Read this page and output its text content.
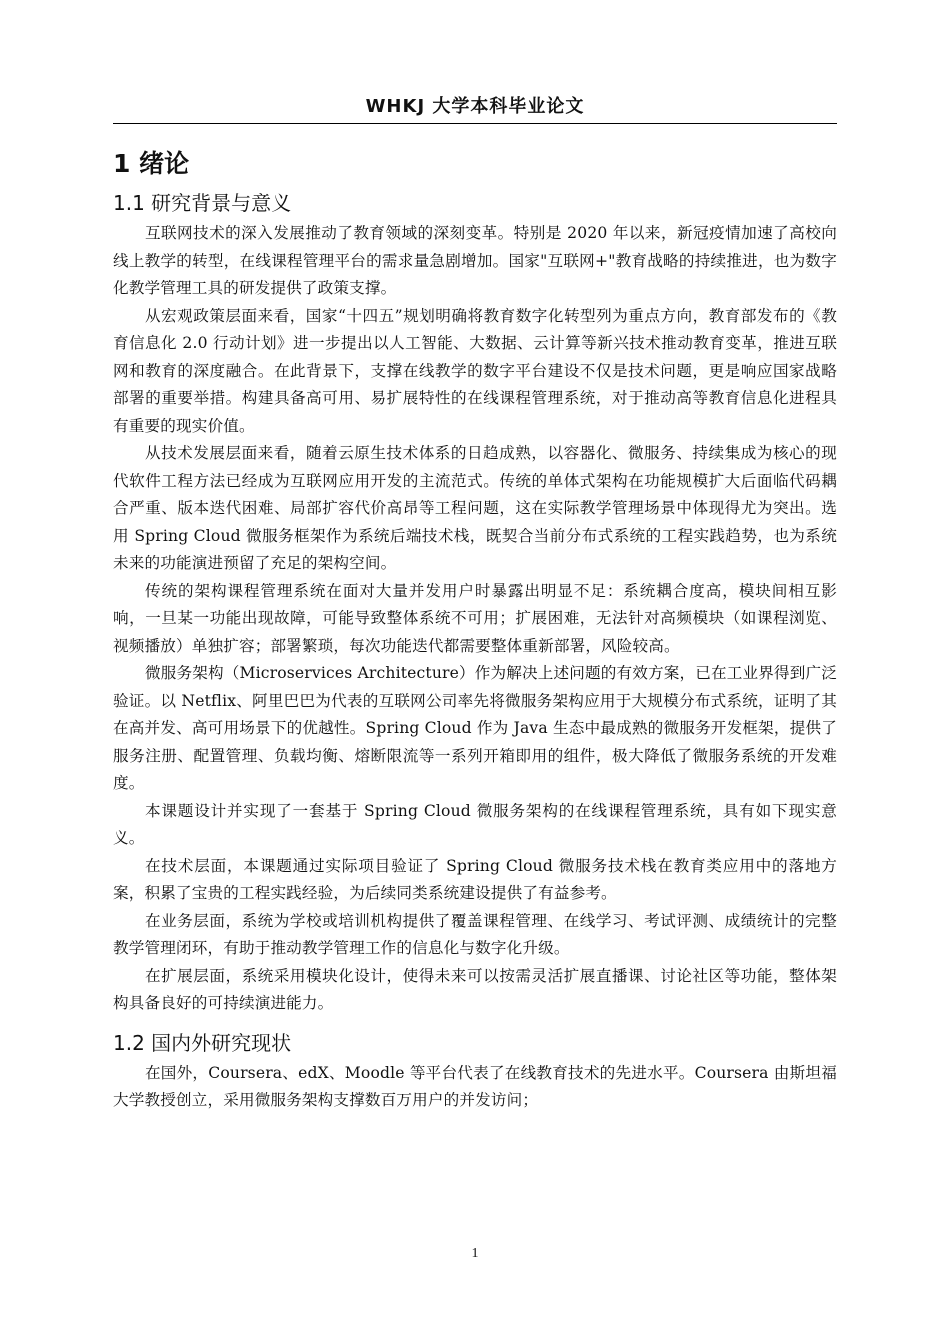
WHKJ 大学本科毕业论文
1 绪论
1.1 研究背景与意义

互联网技术的深入发展推动了教育领域的深刻变革。特别是 2020 年以来，新冠疫情加速了高校向线上教学的转型，在线课程管理平台的需求量急剧增加。国家"互联网+"教育战略的持续推进，也为数字化教学管理工具的研发提供了政策支撑。

从宏观政策层面来看，国家“十四五”规划明确将教育数字化转型列为重点方向，教育部发布的《教育信息化 2.0 行动计划》进一步提出以人工智能、大数据、云计算等新兴技术推动教育变革，推进互联网和教育的深度融合。在此背景下，支撑在线教学的数字平台建设不仅是技术问题，更是响应国家战略部署的重要举措。构建具备高可用、易扩展特性的在线课程管理系统，对于推动高等教育信息化进程具有重要的现实价值。

从技术发展层面来看，随着云原生技术体系的日趋成熟，以容器化、微服务、持续集成为核心的现代软件工程方法已经成为互联网应用开发的主流范式。传统的单体式架构在功能规模扩大后面临代码耦合严重、版本迭代困难、局部扩容代价高昂等工程问题，这在实际教学管理场景中体现得尤为突出。选用 Spring Cloud 微服务框架作为系统后端技术栈，既契合当前分布式系统的工程实践趋势，也为系统未来的功能演进预留了充足的架构空间。

传统的架构课程管理系统在面对大量并发用户时暴露出明显不足：系统耦合度高，模块间相互影响，一旦某一功能出现故障，可能导致整体系统不可用；扩展困难，无法针对高频模块（如课程浏览、视频播放）单独扩容；部署繁琐，每次功能迭代都需要整体重新部署，风险较高。

微服务架构（Microservices Architecture）作为解决上述问题的有效方案，已在工业界得到广泛验证。以 Netflix、阿里巴巴为代表的互联网公司率先将微服务架构应用于大规模分布式系统，证明了其在高并发、高可用场景下的优越性。Spring Cloud 作为 Java 生态中最成熟的微服务开发框架，提供了服务注册、配置管理、负载均衡、熔断限流等一系列开箱即用的组件，极大降低了微服务系统的开发难度。

本课题设计并实现了一套基于 Spring Cloud 微服务架构的在线课程管理系统，具有如下现实意义。

在技术层面，本课题通过实际项目验证了 Spring Cloud 微服务技术栈在教育类应用中的落地方案，积累了宝贵的工程实践经验，为后续同类系统建设提供了有益参考。

在业务层面，系统为学校或培训机构提供了覆盖课程管理、在线学习、考试评测、成绩统计的完整教学管理闭环，有助于推动教学管理工作的信息化与数字化升级。

在扩展层面，系统采用模块化设计，使得未来可以按需灵活扩展直播课、讨论社区等功能，整体架构具备良好的可持续演进能力。

1.2 国内外研究现状

在国外，Coursera、edX、Moodle 等平台代表了在线教育技术的先进水平。Coursera 由斯坦福大学教授创立，采用微服务架构支撑数百万用户的并发访问；

1
